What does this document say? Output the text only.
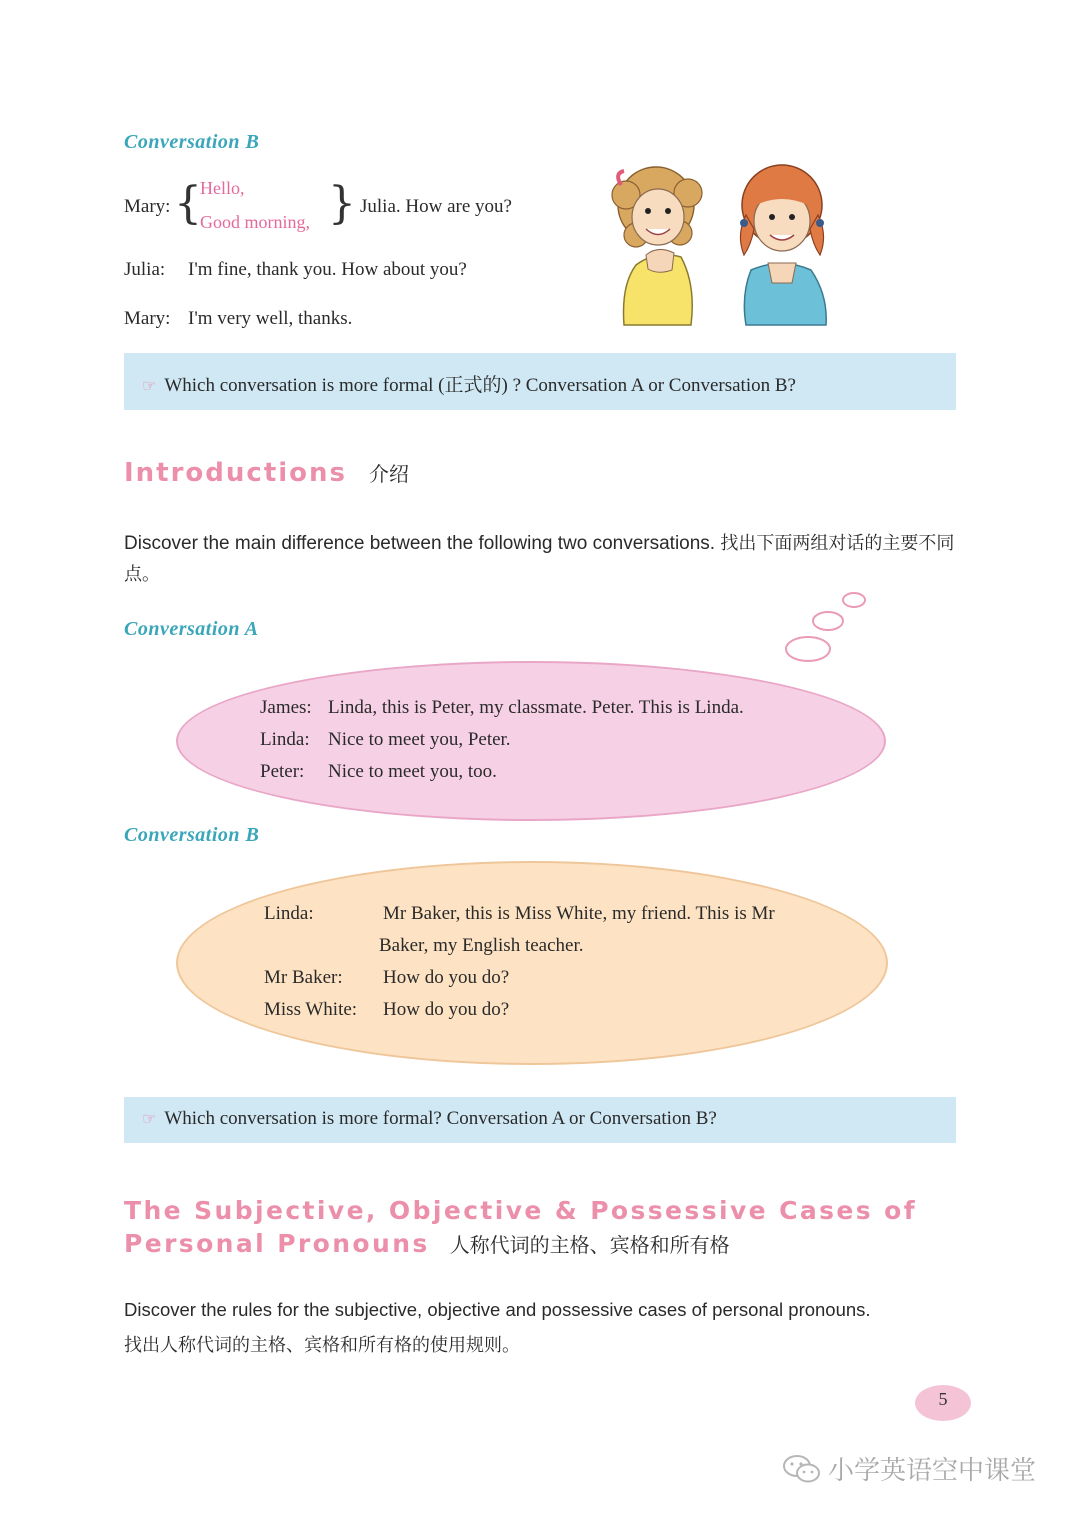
Conversation B
Mary: {
Hello,
Good morning, } Julia. How are you?
Julia: I'm fine, thank you. How about you?
Mary: I'm very well, thanks.
☞ Which conversation is more formal (正式的) ? Conversation A or Conversation B?
Introductions 介绍
Discover the main difference between the following two conversations. 找出下面两组对话的主要不同点。
Conversation A
James: Linda, this is Peter, my classmate. Peter. This is Linda.
Linda: Nice to meet you, Peter.
Peter: Nice to meet you, too.
Conversation B
Linda:	Mr Baker, this is Miss White, my friend. This is Mr
Baker, my English teacher.
Mr Baker: How do you do?
Miss White: How do you do?
☞ Which conversation is more formal? Conversation A or Conversation B?
The Subjective, Objective & Possessive Cases of
Personal Pronouns 人称代词的主格、宾格和所有格
Discover the rules for the subjective, objective and possessive cases of personal pronouns.
找出人称代词的主格、宾格和所有格的使用规则。
5
小学英语空中课堂
